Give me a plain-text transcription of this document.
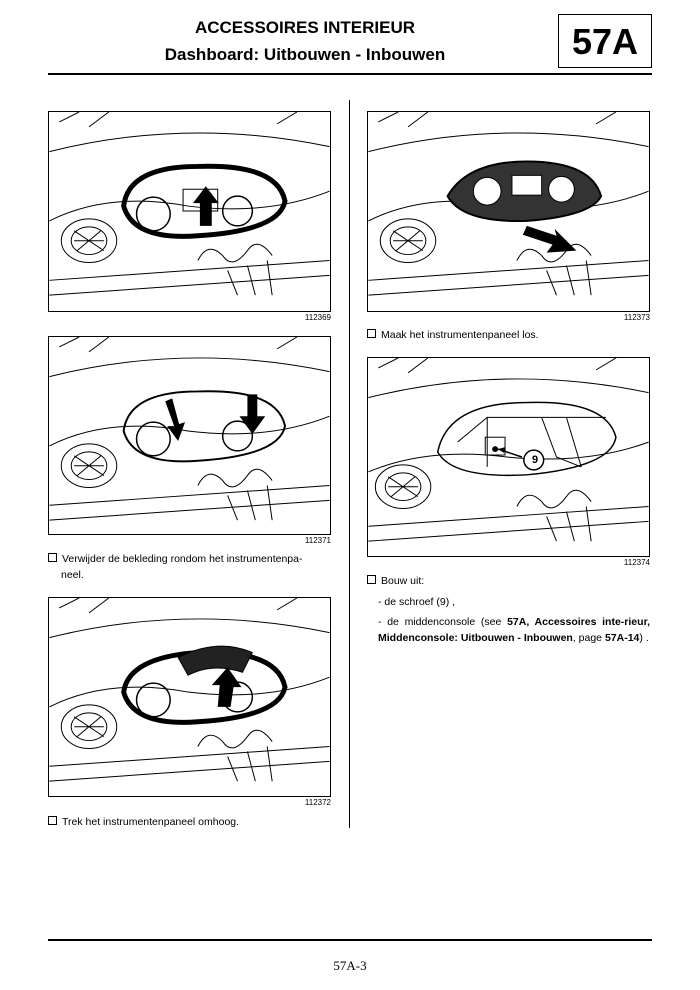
ACCESSOIRES INTERIEUR
Dashboard: Uitbouwen - Inbouwen	57A
112369
112371
Verwijder de bekleding rondom het instrumentenpa-
neel.
112372
Trek het instrumentenpaneel omhoog.
112373
Maak het instrumentenpaneel los.
9
112374
Bouw uit:
- de schroef (9) ,
- de middenconsole (see 57A, Accessoires inte-rieur, Middenconsole: Uitbouwen - Inbouwen, page 57A-14) .
57A-3
